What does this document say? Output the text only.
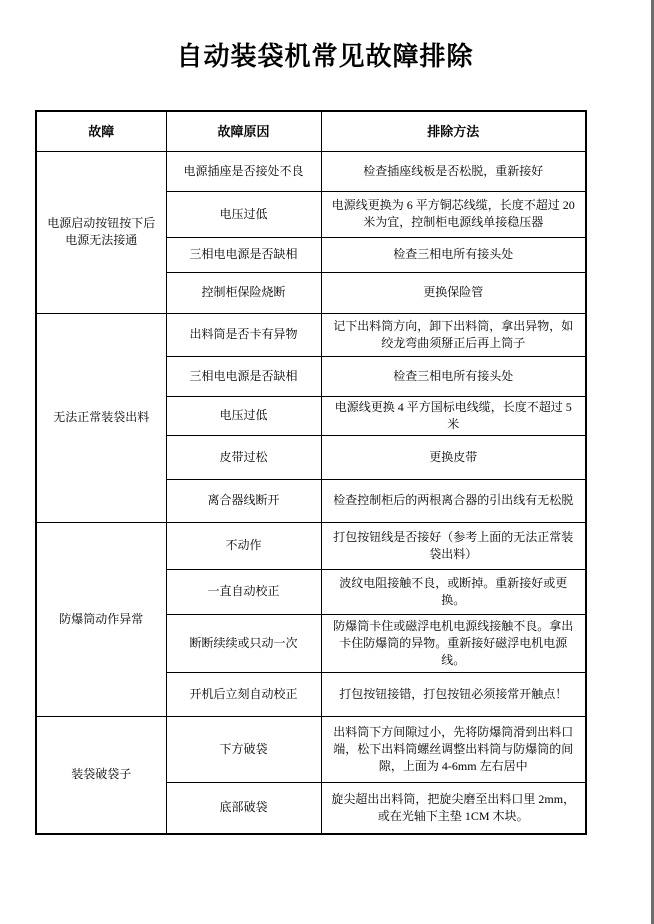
自动装袋机常见故障排除
故障	故障原因	排除方法
电源启动按钮按下后电源无法接通	电源插座是否接处不良	检查插座线板是否松脱，重新接好
	电压过低	电源线更换为 6 平方铜芯线缆，长度不超过 20 米为宜，控制柜电源线单接稳压器
	三相电电源是否缺相	检查三相电所有接头处
	控制柜保险烧断	更换保险管
无法正常装袋出料	出料筒是否卡有异物	记下出料筒方向，卸下出料筒，拿出异物，如绞龙弯曲须掰正后再上筒子
	三相电电源是否缺相	检查三相电所有接头处
	电压过低	电源线更换 4 平方国标电线缆，长度不超过 5 米
	皮带过松	更换皮带
	离合器线断开	检查控制柜后的两根离合器的引出线有无松脱
防爆筒动作异常	不动作	打包按钮线是否接好（参考上面的无法正常装袋出料）
	一直自动校正	波纹电阻接触不良，或断掉。重新接好或更换。
	断断续续或只动一次	防爆筒卡住或磁浮电机电源线接触不良。拿出卡住防爆筒的异物。重新接好磁浮电机电源线。
	开机后立刻自动校正	打包按钮接错，打包按钮必须接常开触点！
装袋破袋子	下方破袋	出料筒下方间隙过小，先将防爆筒滑到出料口端，松下出料筒螺丝调整出料筒与防爆筒的间隙，上面为 4-6mm 左右居中
	底部破袋	旋尖超出出料筒，把旋尖磨至出料口里 2mm，或在光轴下主垫 1CM 木块。
